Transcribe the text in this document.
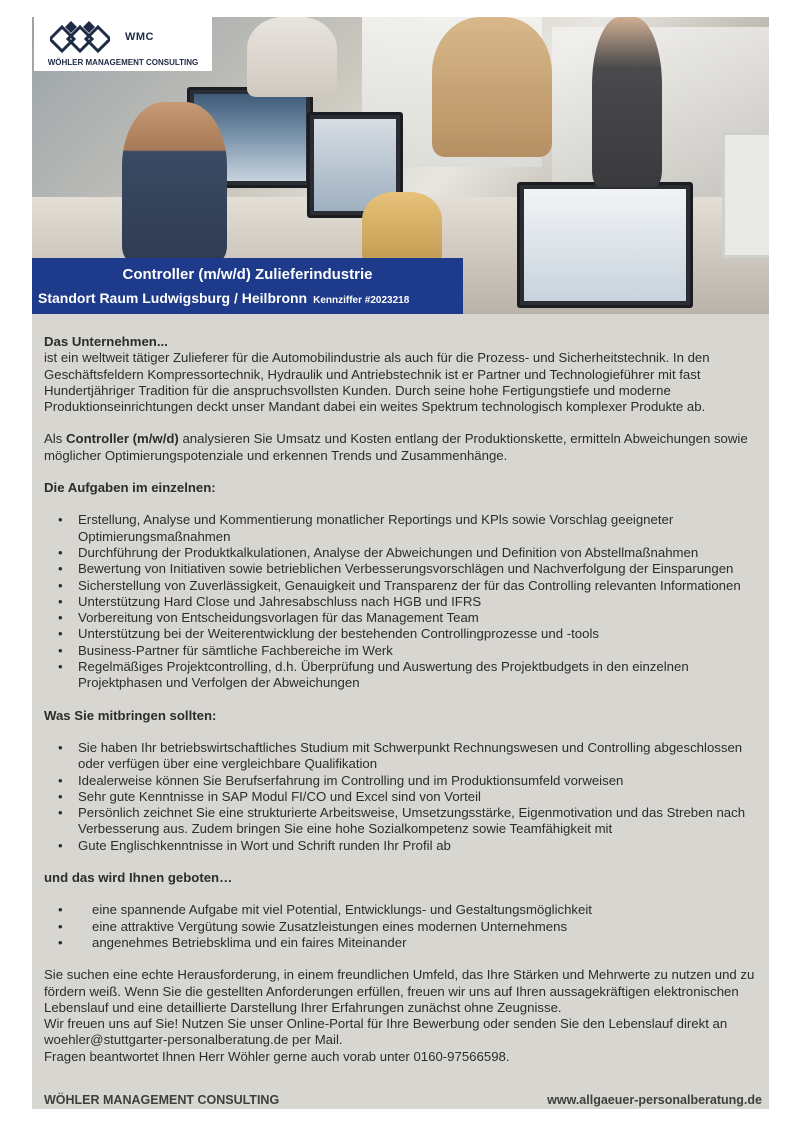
WMC
WÖHLER MANAGEMENT CONSULTING
Controller (m/w/d) Zulieferindustrie
Standort Raum Ludwigsburg / Heilbronn Kennziffer #2023218

Das Unternehmen...
ist ein weltweit tätiger Zulieferer für die Automobilindustrie als auch für die Prozess- und Sicherheitstechnik. In den Geschäftsfeldern Kompressortechnik, Hydraulik und Antriebstechnik ist er Partner und Technologieführer mit fast Hundertjähriger Tradition für die anspruchsvollsten Kunden. Durch seine hohe Fertigungstiefe und moderne Produktionseinrichtungen deckt unser Mandant dabei ein weites Spektrum technologisch komplexer Produkte ab.

Als Controller (m/w/d) analysieren Sie Umsatz und Kosten entlang der Produktionskette, ermitteln Abweichungen sowie möglicher Optimierungspotenziale und erkennen Trends und Zusammenhänge.

Die Aufgaben im einzelnen:
• Erstellung, Analyse und Kommentierung monatlicher Reportings und KPls sowie Vorschlag geeigneter Optimierungsmaßnahmen
• Durchführung der Produktkalkulationen, Analyse der Abweichungen und Definition von Abstellmaßnahmen
• Bewertung von Initiativen sowie betrieblichen Verbesserungsvorschlägen und Nachverfolgung der Einsparungen
• Sicherstellung von Zuverlässigkeit, Genauigkeit und Transparenz der für das Controlling relevanten Informationen
• Unterstützung Hard Close und Jahresabschluss nach HGB und IFRS
• Vorbereitung von Entscheidungsvorlagen für das Management Team
• Unterstützung bei der Weiterentwicklung der bestehenden Controllingprozesse und -tools
• Business-Partner für sämtliche Fachbereiche im Werk
• Regelmäßiges Projektcontrolling, d.h. Überprüfung und Auswertung des Projektbudgets in den einzelnen Projektphasen und Verfolgen der Abweichungen
Was Sie mitbringen sollten:
• Sie haben Ihr betriebswirtschaftliches Studium mit Schwerpunkt Rechnungswesen und Controlling abgeschlossen oder verfügen über eine vergleichbare Qualifikation
• Idealerweise können Sie Berufserfahrung im Controlling und im Produktionsumfeld vorweisen
• Sehr gute Kenntnisse in SAP Modul FI/CO und Excel sind von Vorteil
• Persönlich zeichnet Sie eine strukturierte Arbeitsweise, Umsetzungsstärke, Eigenmotivation und das Streben nach Verbesserung aus. Zudem bringen Sie eine hohe Sozialkompetenz sowie Teamfähigkeit mit
• Gute Englischkenntnisse in Wort und Schrift runden Ihr Profil ab
und das wird Ihnen geboten…
• eine spannende Aufgabe mit viel Potential, Entwicklungs- und Gestaltungsmöglichkeit
• eine attraktive Vergütung sowie Zusatzleistungen eines modernen Unternehmens
• angenehmes Betriebsklima und ein faires Miteinander

Sie suchen eine echte Herausforderung, in einem freundlichen Umfeld, das Ihre Stärken und Mehrwerte zu nutzen und zu fördern weiß. Wenn Sie die gestellten Anforderungen erfüllen, freuen wir uns auf Ihren aussagekräftigen elektronischen Lebenslauf und eine detaillierte Darstellung Ihrer Erfahrungen zunächst ohne Zeugnisse.
Wir freuen uns auf Sie! Nutzen Sie unser Online-Portal für Ihre Bewerbung oder senden Sie den Lebenslauf direkt an woehler@stuttgarter-personalberatung.de per Mail.
Fragen beantwortet Ihnen Herr Wöhler gerne auch vorab unter 0160-97566598.

WÖHLER MANAGEMENT CONSULTING	www.allgaeuer-personalberatung.de
